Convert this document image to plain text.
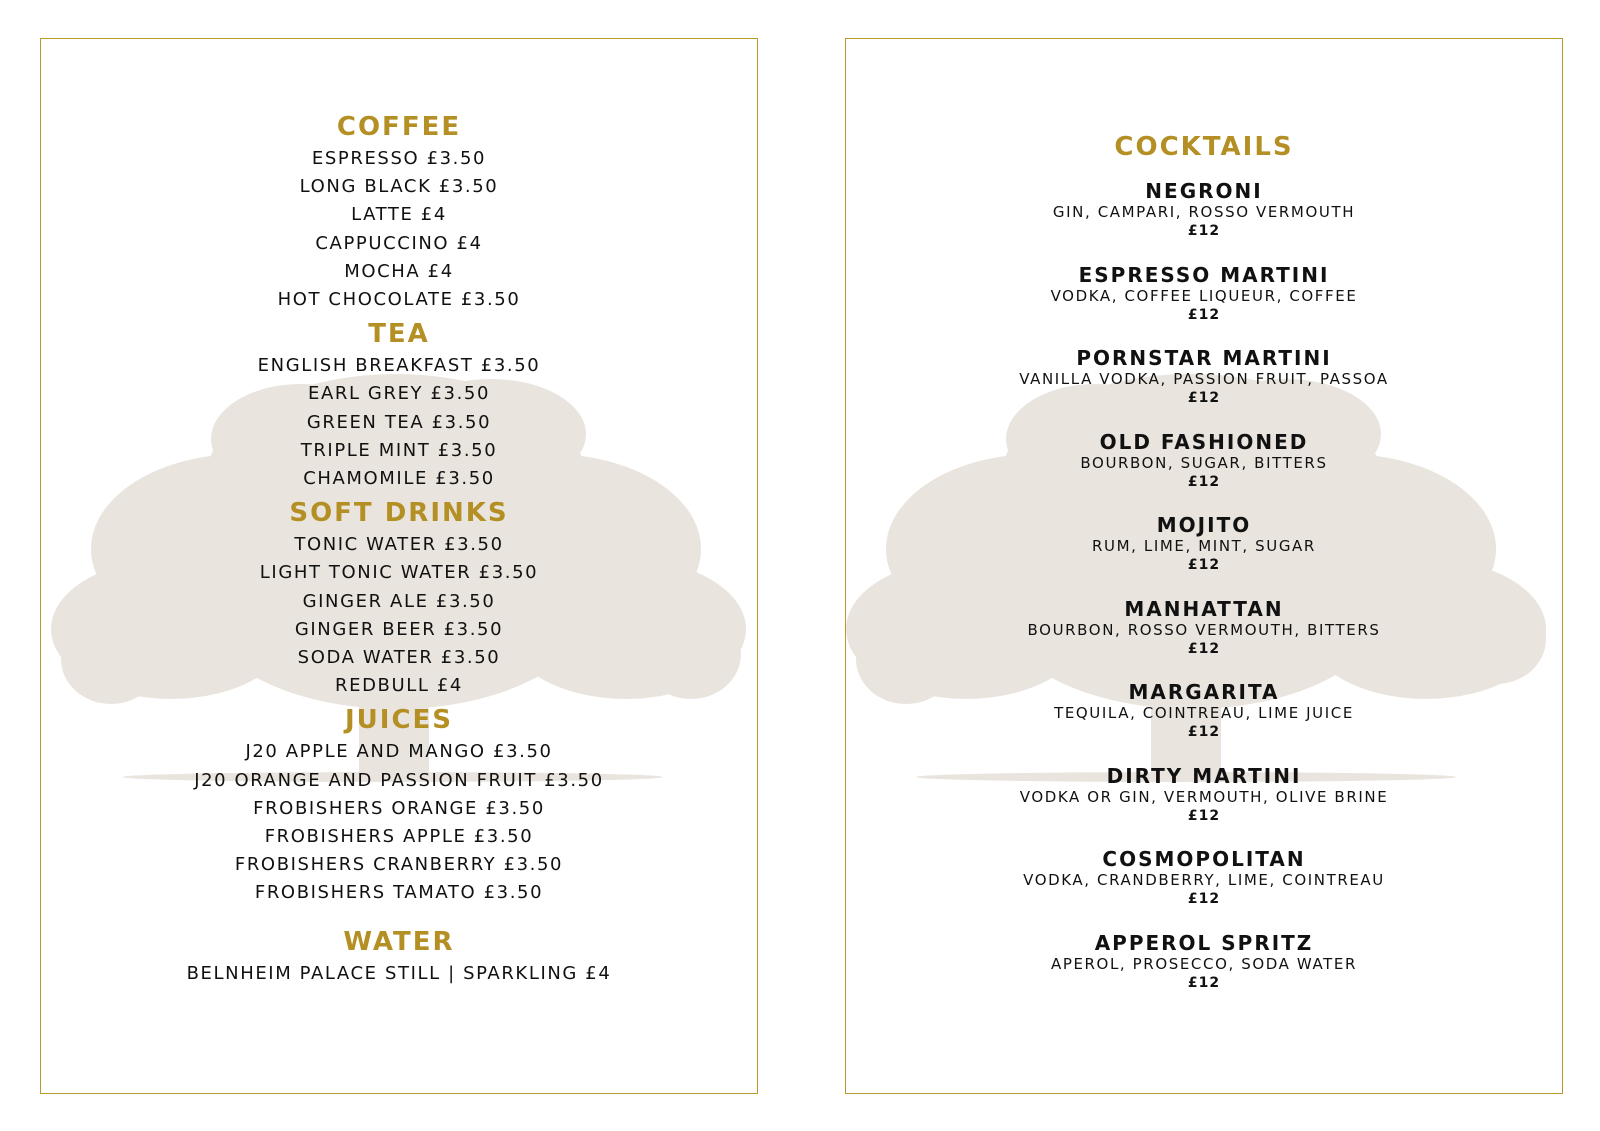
COFFEE
ESPRESSO £3.50
LONG BLACK £3.50
LATTE £4
CAPPUCCINO £4
MOCHA £4
HOT CHOCOLATE £3.50
TEA
ENGLISH BREAKFAST £3.50
EARL GREY £3.50
GREEN TEA £3.50
TRIPLE MINT £3.50
CHAMOMILE £3.50
SOFT DRINKS
TONIC WATER £3.50
LIGHT TONIC WATER £3.50
GINGER ALE £3.50
GINGER BEER £3.50
SODA WATER £3.50
REDBULL £4
JUICES
J20 APPLE AND MANGO £3.50
J20 ORANGE AND PASSION FRUIT £3.50
FROBISHERS ORANGE £3.50
FROBISHERS APPLE £3.50
FROBISHERS CRANBERRY £3.50
FROBISHERS TAMATO £3.50
WATER
BELNHEIM PALACE STILL | SPARKLING £4
COCKTAILS
NEGRONI
GIN, CAMPARI, ROSSO VERMOUTH
£12
ESPRESSO MARTINI
VODKA, COFFEE LIQUEUR, COFFEE
£12
PORNSTAR MARTINI
VANILLA VODKA, PASSION FRUIT, PASSOA
£12
OLD FASHIONED
BOURBON, SUGAR, BITTERS
£12
MOJITO
RUM, LIME, MINT, SUGAR
£12
MANHATTAN
BOURBON, ROSSO VERMOUTH, BITTERS
£12
MARGARITA
TEQUILA, COINTREAU, LIME JUICE
£12
DIRTY MARTINI
VODKA OR GIN, VERMOUTH, OLIVE BRINE
£12
COSMOPOLITAN
VODKA, CRANDBERRY, LIME, COINTREAU
£12
APPEROL SPRITZ
APEROL, PROSECCO, SODA WATER
£12
